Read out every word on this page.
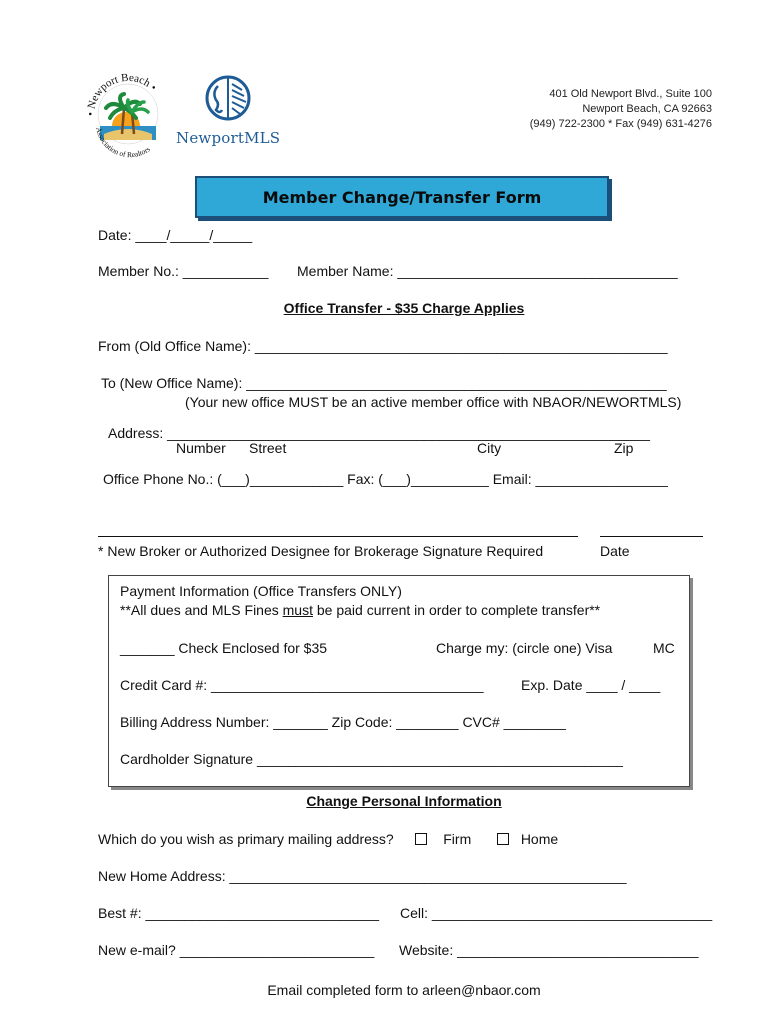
• Newport Beach •
Association of Realtors
NewportMLS
401 Old Newport Blvd., Suite 100
Newport Beach, CA 92663
(949) 722-2300 * Fax (949) 631-4276
Member Change/Transfer Form
Date: ____/_____/_____
Member No.: ___________ Member Name: ____________________________________
Office Transfer - $35 Charge Applies
From (Old Office Name): _____________________________________________________
To (New Office Name): ______________________________________________________
(Your new office MUST be an active member office with NBAOR/NEWORTMLS)
Address: ______________________________________________________________
Number Street	City	Zip
Office Phone No.: (___)____________ Fax: (___)__________ Email: _________________
* New Broker or Authorized Designee for Brokerage Signature Required	Date
Payment Information (Office Transfers ONLY)
**All dues and MLS Fines must be paid current in order to complete transfer**
_______ Check Enclosed for $35	Charge my: (circle one) Visa	MC
Credit Card #: ___________________________________	Exp. Date ____ / ____
Billing Address Number: _______ Zip Code: ________ CVC# ________
Cardholder Signature _______________________________________________
Change Personal Information
Which do you wish as primary mailing address?	Firm	Home
New Home Address: ___________________________________________________
Best #: ______________________________ Cell: ____________________________________
New e-mail? _________________________ Website: _______________________________
Email completed form to arleen@nbaor.com
